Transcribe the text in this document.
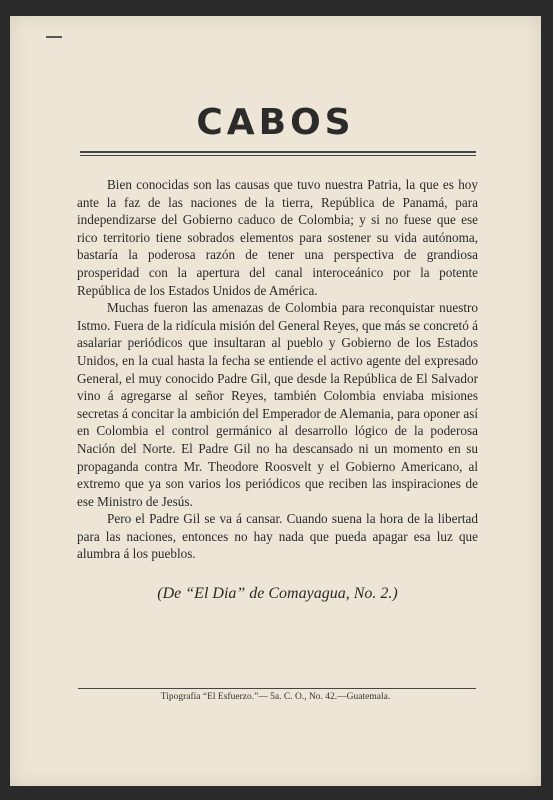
CABOS

Bien conocidas son las causas que tuvo nuestra Patria, la que es hoy ante la faz de las naciones de la tierra, República de Panamá, para independizarse del Gobierno caduco de Colombia; y si no fuese que ese rico territorio tiene sobrados elementos para sostener su vida autónoma, bastaría la poderosa razón de tener una perspectiva de grandiosa prosperidad con la apertura del canal interoceánico por la potente República de los Estados Unidos de América.

Muchas fueron las amenazas de Colombia para reconquistar nuestro Istmo. Fuera de la ridícula misión del General Reyes, que más se concretó á asalariar periódicos que insultaran al pueblo y Gobierno de los Estados Unidos, en la cual hasta la fecha se entiende el activo agente del expresado General, el muy conocido Padre Gil, que desde la República de El Salvador vino á agregarse al señor Reyes, también Colombia enviaba misiones secretas á concitar la ambición del Emperador de Alemania, para oponer así en Colombia el control germánico al desarrollo lógico de la poderosa Nación del Norte. El Padre Gil no ha descansado ni un momento en su propaganda contra Mr. Theodore Roosvelt y el Gobierno Americano, al extremo que ya son varios los periódicos que reciben las inspiraciones de ese Ministro de Jesús.

Pero el Padre Gil se va á cansar. Cuando suena la hora de la libertad para las naciones, entonces no hay nada que pueda apagar esa luz que alumbra á los pueblos.

(De “El Dia” de Comayagua, No. 2.)

Tipografía “El Esfuerzo.”— 5a. C. O., No. 42.—Guatemala.
